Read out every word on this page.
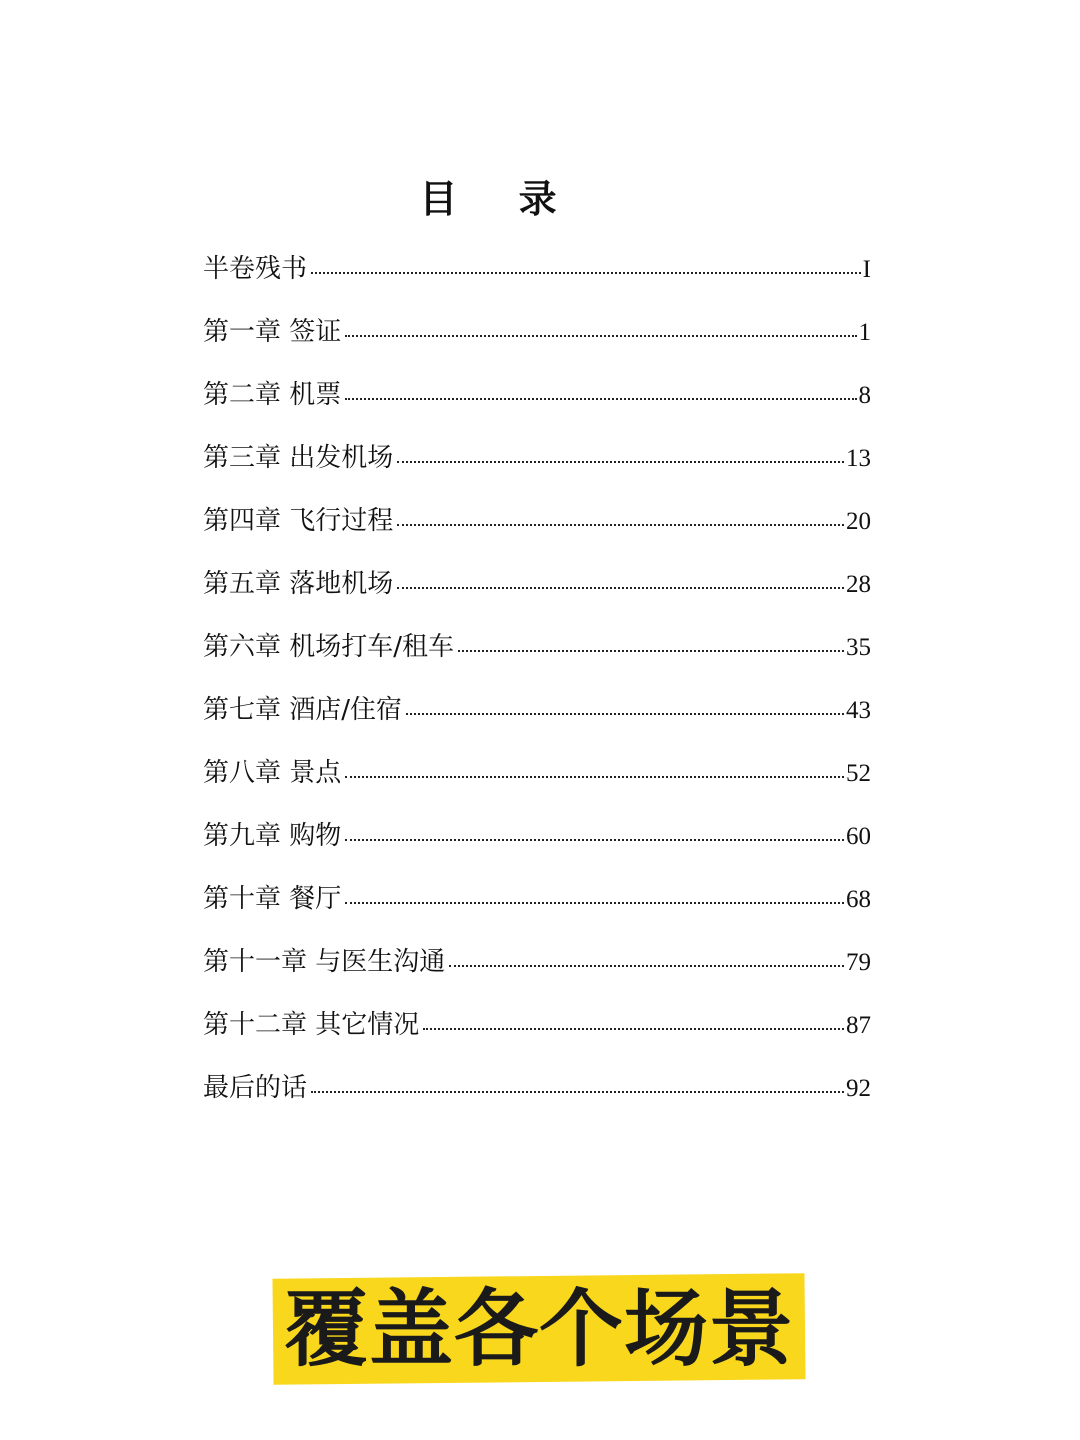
目 录
半卷残书	I
第一章 签证	1
第二章 机票	8
第三章 出发机场	13
第四章 飞行过程	20
第五章 落地机场	28
第六章 机场打车/租车	35
第七章 酒店/住宿	43
第八章 景点	52
第九章 购物	60
第十章 餐厅	68
第十一章 与医生沟通	79
第十二章 其它情况	87
最后的话	92
覆盖各个场景
